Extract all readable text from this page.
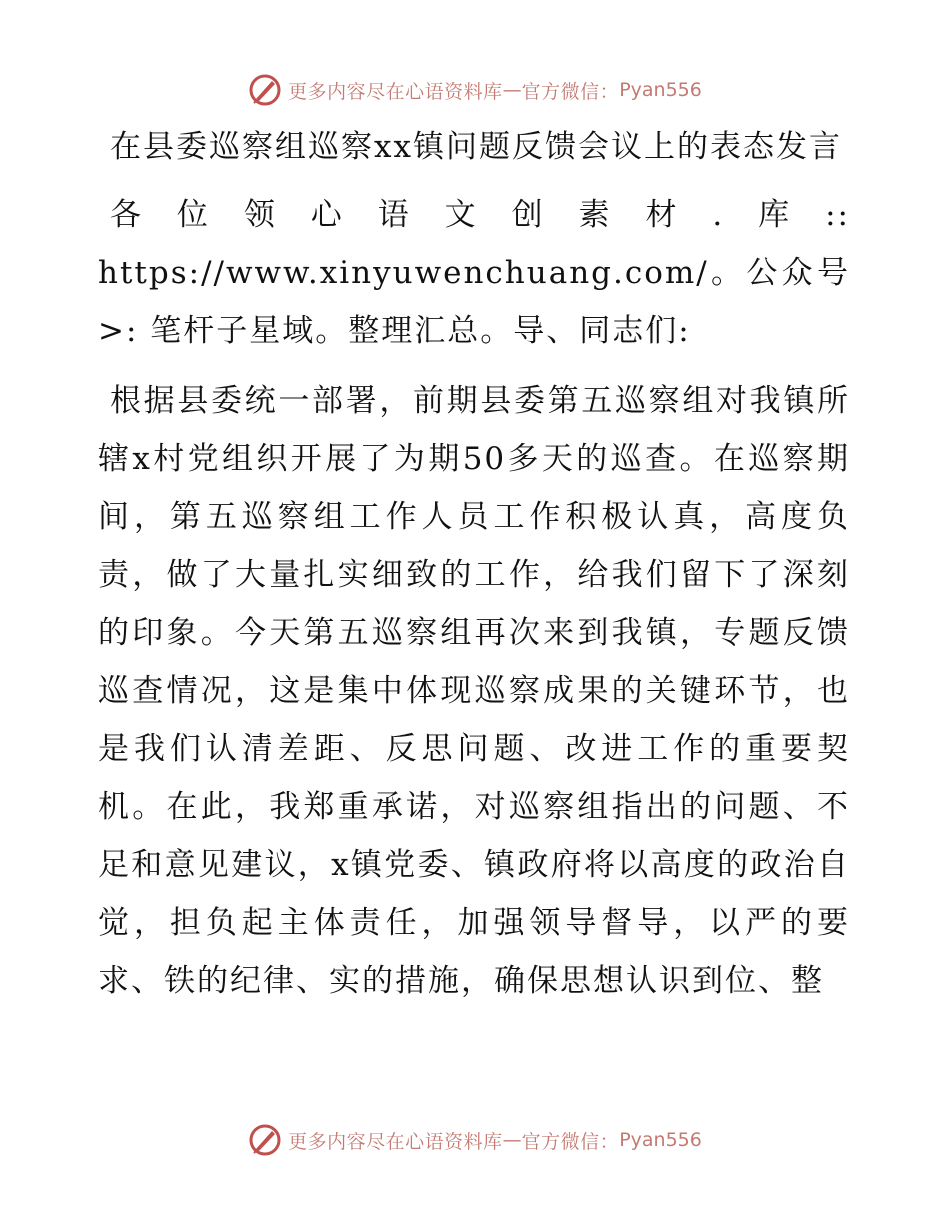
更多内容尽在心语资料库 — 官方微信： Pyan556
在县委巡察组巡察xx镇问题反馈会议上的表态发言

各位领心语文创素材.库:: https://www.xinyuwenchuang.com/。公众号>: 笔杆子星域。整理汇总。导、同志们:

根据县委统一部署，前期县委第五巡察组对我镇所辖x村党组织开展了为期50多天的巡查。在巡察期间，第五巡察组工作人员工作积极认真，高度负责，做了大量扎实细致的工作，给我们留下了深刻的印象。今天第五巡察组再次来到我镇，专题反馈巡查情况，这是集中体现巡察成果的关键环节，也是我们认清差距、反思问题、改进工作的重要契机。在此，我郑重承诺，对巡察组指出的问题、不足和意见建议，x镇党委、镇政府将以高度的政治自觉，担负起主体责任，加强领导督导，以严的要求、铁的纪律、实的措施，确保思想认识到位、整

更多内容尽在心语资料库 — 官方微信： Pyan556
